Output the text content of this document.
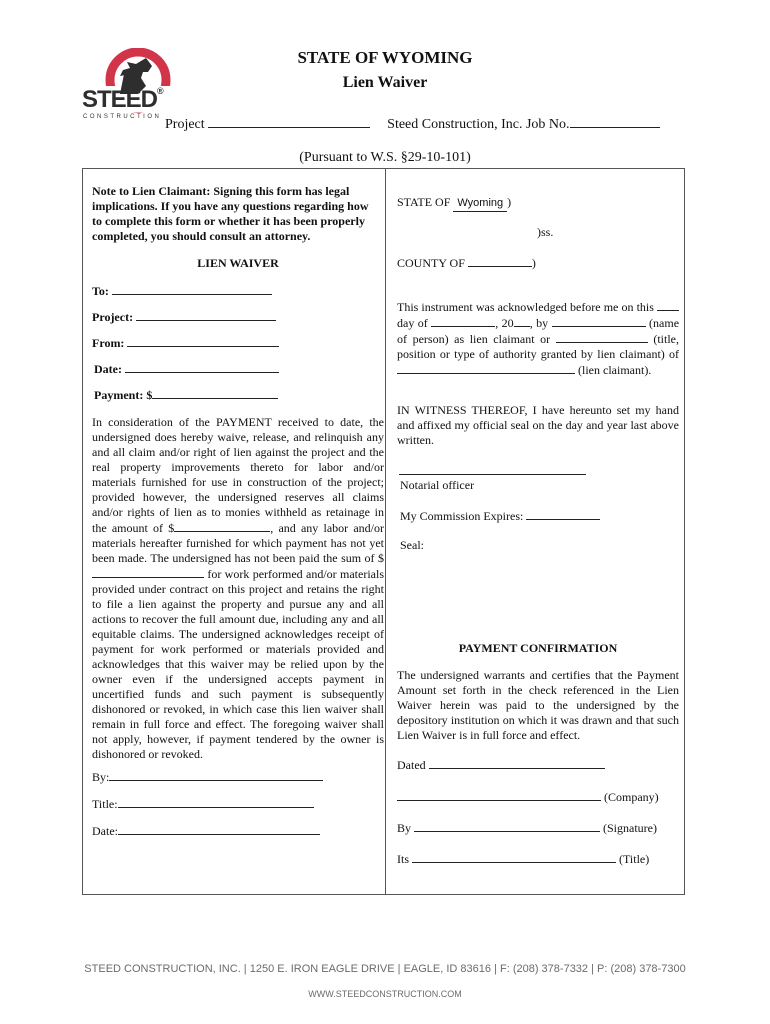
STEED®
CONSTRUCTION
STATE OF WYOMING
Lien Waiver
Project	Steed Construction, Inc. Job No.
(Pursuant to W.S. §29-10-101)
Note to Lien Claimant: Signing this form has legal implications. If you have any questions regarding how to complete this form or whether it has been properly completed, you should consult an attorney.
LIEN WAIVER
To:
Project:
From:
Date:
Payment: $
In consideration of the PAYMENT received to date, the undersigned does hereby waive, release, and relinquish any and all claim and/or right of lien against the project and the real property improvements thereto for labor and/or materials furnished for use in construction of the project; provided however, the undersigned reserves all claims and/or rights of lien as to monies withheld as retainage in the amount of $	, and any labor and/or materials hereafter furnished for which payment has not yet been made. The undersigned has not been paid the sum of $ for work performed and/or materials provided under contract on this project and retains the right to file a lien against the property and pursue any and all actions to recover the full amount due, including any and all equitable claims. The undersigned acknowledges receipt of payment for work performed or materials provided and acknowledges that this waiver may be relied upon by the owner even if the undersigned accepts payment in uncertified funds and such payment is subsequently dishonored or revoked, in which case this lien waiver shall remain in full force and effect. The foregoing waiver shall not apply, however, if payment tendered by the owner is dishonored or revoked.
By:
Title:
Date:
STATE OF Wyoming )
)ss.
COUNTY OF	)
This instrument was acknowledged before me on this  day of	, 20 , by	(name of person) as lien claimant or	(title, position or type of authority granted by lien claimant) of  (lien claimant).
IN WITNESS THEREOF, I have hereunto set my hand and affixed my official seal on the day and year last above written.
Notarial officer
My Commission Expires:
Seal:
PAYMENT CONFIRMATION
The undersigned warrants and certifies that the Payment Amount set forth in the check referenced in the Lien Waiver herein was paid to the undersigned by the depository institution on which it was drawn and that such Lien Waiver is in full force and effect.
Dated
(Company)
By	(Signature)
Its	(Title)
STEED CONSTRUCTION, INC. | 1250 E. IRON EAGLE DRIVE | EAGLE, ID 83616 | F: (208) 378-7332 | P: (208) 378-7300
WWW.STEEDCONSTRUCTION.COM
